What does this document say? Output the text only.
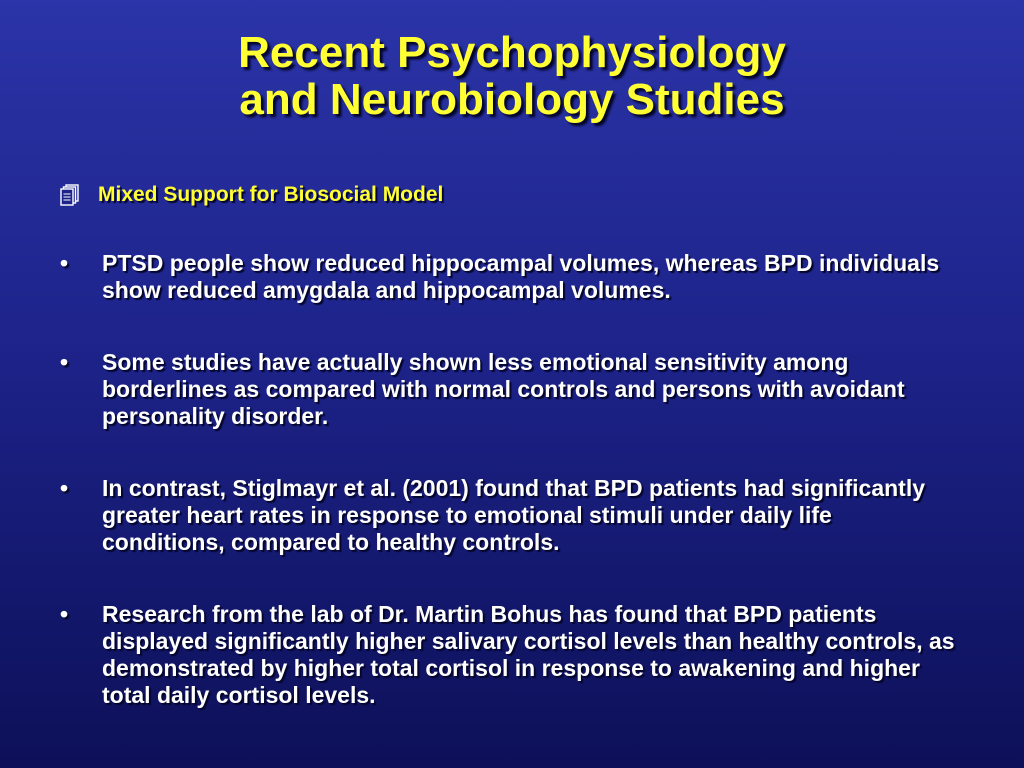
Recent Psychophysiology
and Neurobiology Studies
Mixed Support for Biosocial Model
•	PTSD people show reduced hippocampal volumes, whereas BPD individuals show reduced amygdala and hippocampal volumes.
•	Some studies have actually shown less emotional sensitivity among borderlines as compared with normal controls and persons with avoidant personality disorder.
•	In contrast, Stiglmayr et al. (2001) found that BPD patients had significantly greater heart rates in response to emotional stimuli under daily life conditions, compared to healthy controls.
•	Research from the lab of Dr. Martin Bohus has found that BPD patients displayed significantly higher salivary cortisol levels than healthy controls, as demonstrated by higher total cortisol in response to awakening and higher total daily cortisol levels.
